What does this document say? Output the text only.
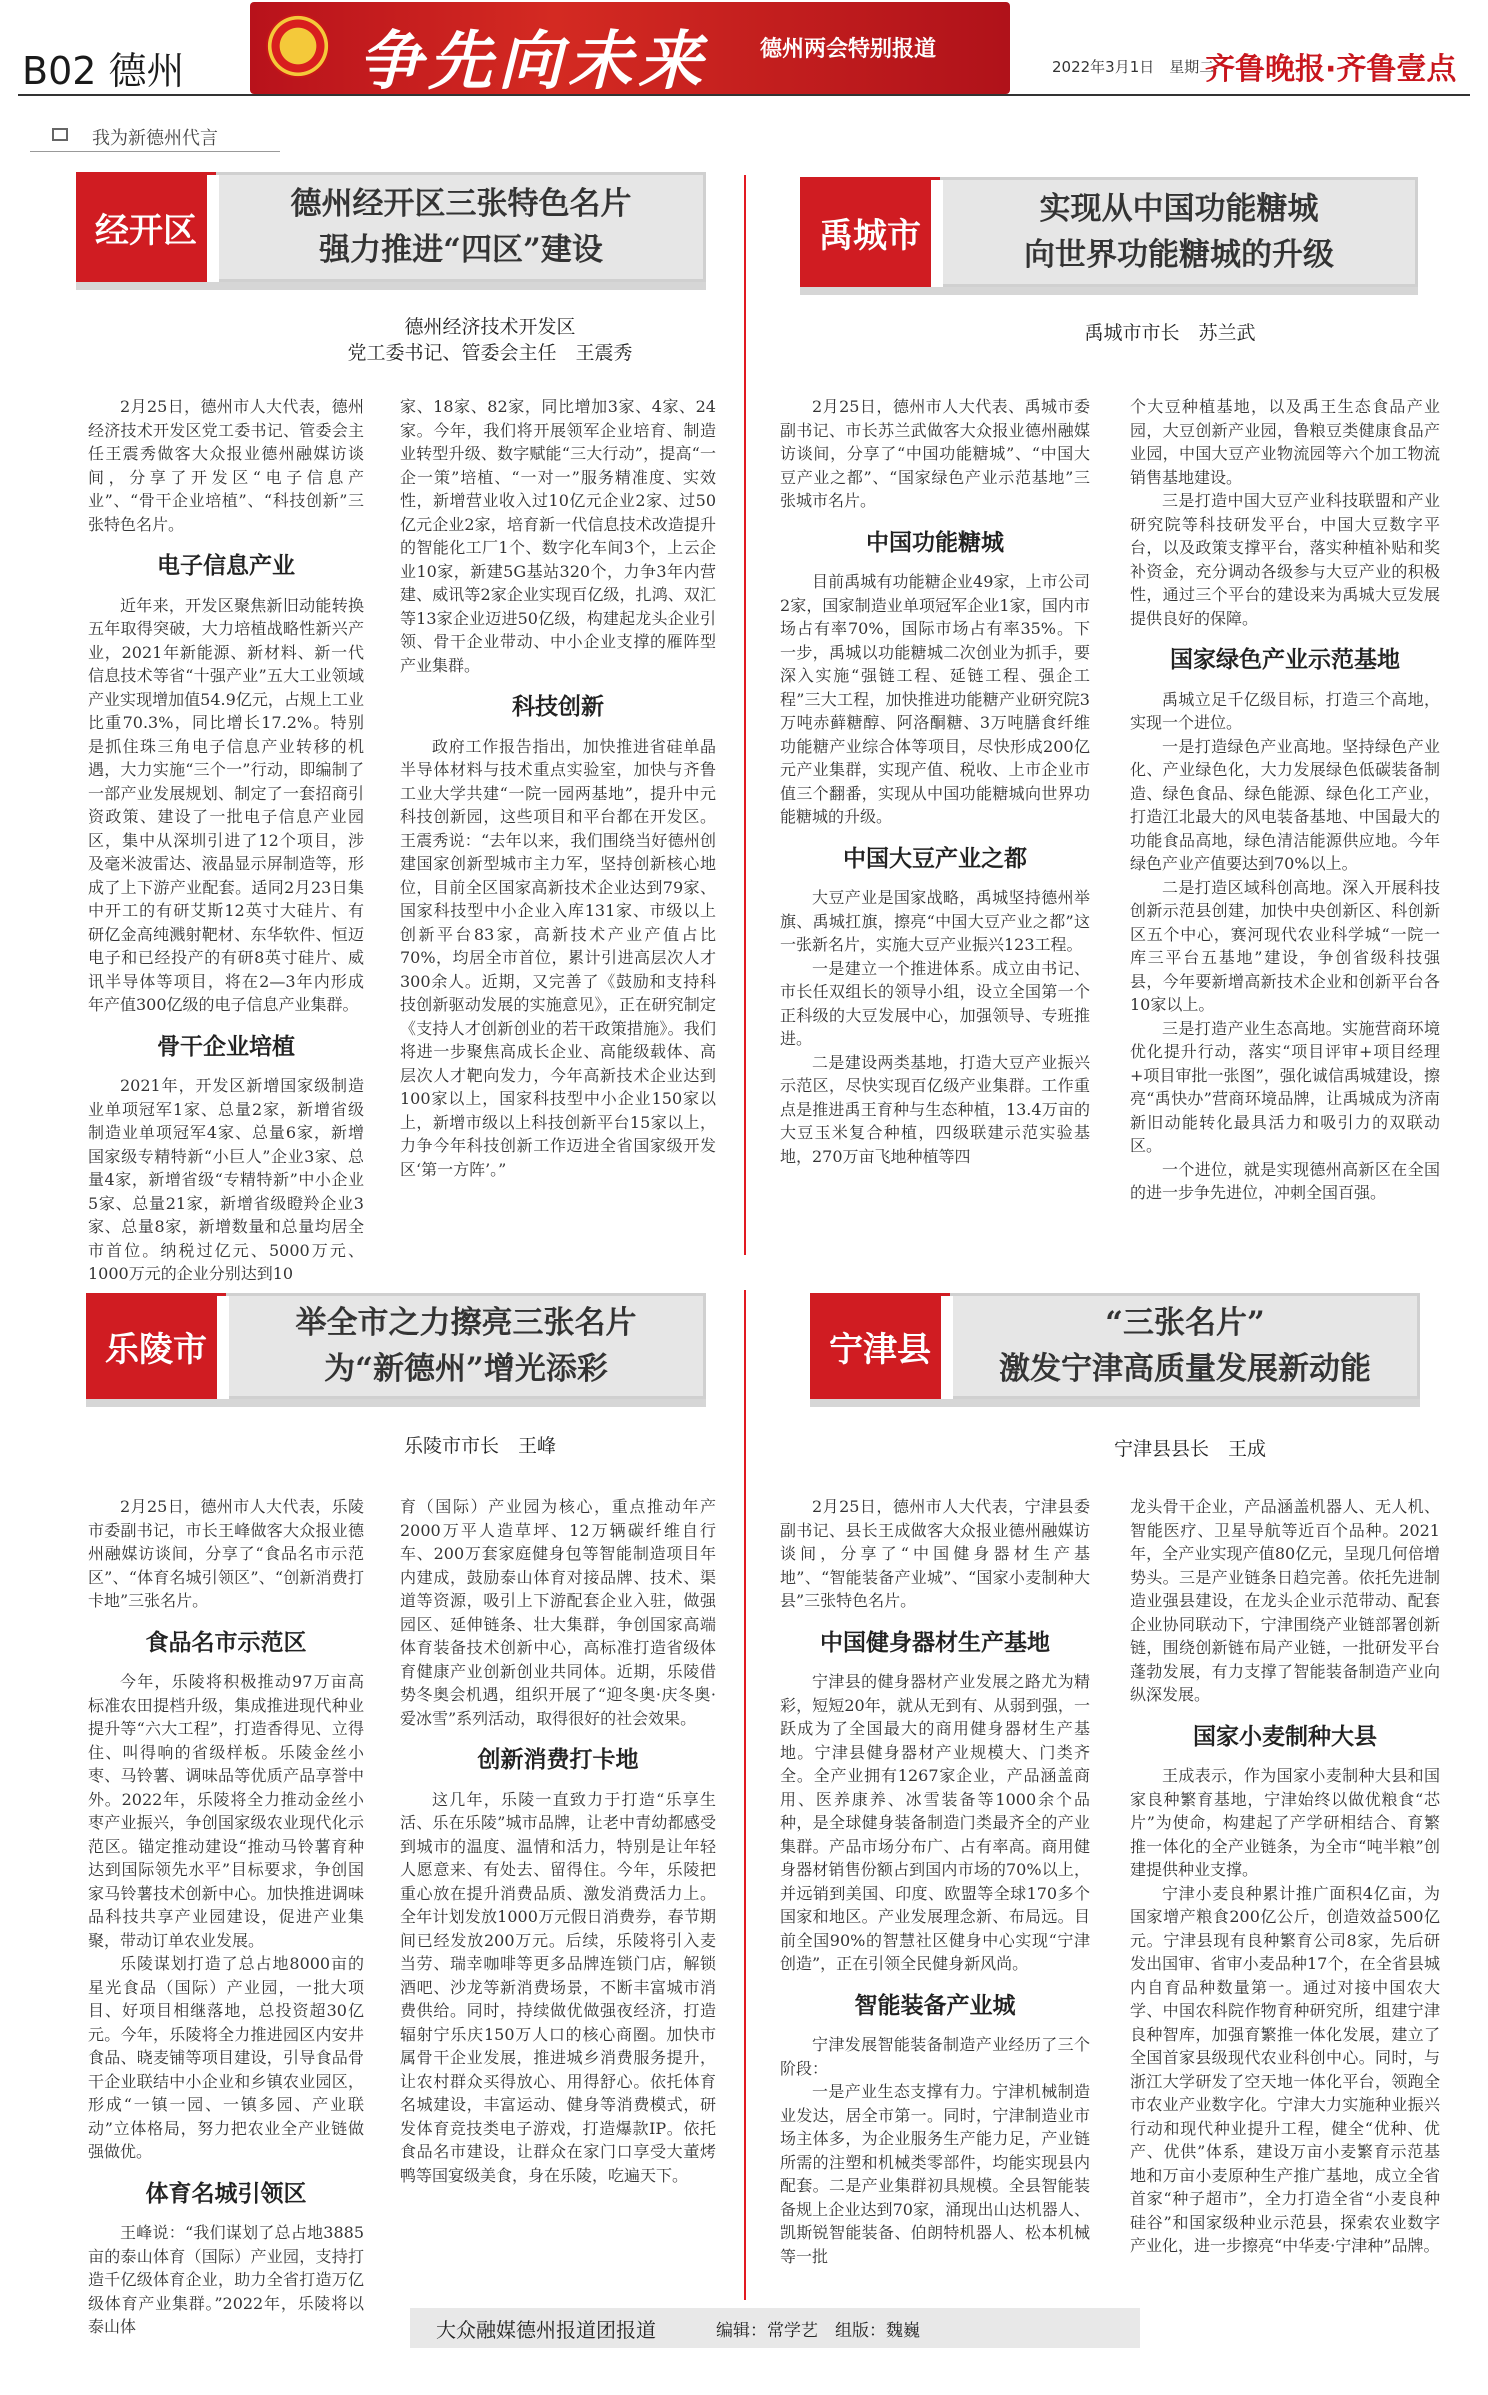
B02 德州	争先向未来 德州两会特别报道
2022年3月1日　星期二
齐鲁晚报·齐鲁壹点
我为新德州代言
经开区
德州经开区三张特色名片
强力推进“四区”建设
德州经济技术开发区
党工委书记、管委会主任　王震秀

2月25日，德州市人大代表，德州经济技术开发区党工委书记、管委会主任王震秀做客大众报业德州融媒访谈间，分享了开发区“电子信息产业”、“骨干企业培植”、“科技创新”三张特色名片。

电子信息产业

近年来，开发区聚焦新旧动能转换五年取得突破，大力培植战略性新兴产业，2021年新能源、新材料、新一代信息技术等省“十强产业”五大工业领域产业实现增加值54.9亿元，占规上工业比重70.3%，同比增长17.2%。特别是抓住珠三角电子信息产业转移的机遇，大力实施“三个一”行动，即编制了一部产业发展规划、制定了一套招商引资政策、建设了一批电子信息产业园区，集中从深圳引进了12个项目，涉及毫米波雷达、液晶显示屏制造等，形成了上下游产业配套。适同2月23日集中开工的有研艾斯12英寸大硅片、有研亿金高纯溅射靶材、东华软件、恒迈电子和已经投产的有研8英寸硅片、威讯半导体等项目，将在2—3年内形成年产值300亿级的电子信息产业集群。

骨干企业培植

2021年，开发区新增国家级制造业单项冠军1家、总量2家，新增省级制造业单项冠军4家、总量6家，新增国家级专精特新“小巨人”企业3家、总量4家，新增省级“专精特新”中小企业5家、总量21家，新增省级瞪羚企业3家、总量8家，新增数量和总量均居全市首位。纳税过亿元、5000万元、1000万元的企业分别达到10

家、18家、82家，同比增加3家、4家、24家。今年，我们将开展领军企业培育、制造业转型升级、数字赋能“三大行动”，提高“一企一策”培植、“一对一”服务精准度、实效性，新增营业收入过10亿元企业2家、过50亿元企业2家，培育新一代信息技术改造提升的智能化工厂1个、数字化车间3个，上云企业10家，新建5G基站320个，力争3年内营建、威讯等2家企业实现百亿级，扎鸿、双汇等13家企业迈进50亿级，构建起龙头企业引领、骨干企业带动、中小企业支撑的雁阵型产业集群。

科技创新

政府工作报告指出，加快推进省硅单晶半导体材料与技术重点实验室，加快与齐鲁工业大学共建“一院一园两基地”，提升中元科技创新园，这些项目和平台都在开发区。王震秀说：“去年以来，我们围绕当好德州创建国家创新型城市主力军，坚持创新核心地位，目前全区国家高新技术企业达到79家、国家科技型中小企业入库131家、市级以上创新平台83家，高新技术产业产值占比70%，均居全市首位，累计引进高层次人才300余人。近期，又完善了《鼓励和支持科技创新驱动发展的实施意见》，正在研究制定《支持人才创新创业的若干政策措施》。我们将进一步聚焦高成长企业、高能级载体、高层次人才靶向发力，今年高新技术企业达到100家以上，国家科技型中小企业150家以上，新增市级以上科技创新平台15家以上，力争今年科技创新工作迈进全省国家级开发区‘第一方阵’。”

禹城市
实现从中国功能糖城
向世界功能糖城的升级
禹城市市长　苏兰武

2月25日，德州市人大代表、禹城市委副书记、市长苏兰武做客大众报业德州融媒访谈间，分享了“中国功能糖城”、“中国大豆产业之都”、“国家绿色产业示范基地”三张城市名片。

中国功能糖城

目前禹城有功能糖企业49家，上市公司2家，国家制造业单项冠军企业1家，国内市场占有率70%，国际市场占有率35%。下一步，禹城以功能糖城二次创业为抓手，要深入实施“强链工程、延链工程、强企工程”三大工程，加快推进功能糖产业研究院3万吨赤藓糖醇、阿洛酮糖、3万吨膳食纤维功能糖产业综合体等项目，尽快形成200亿元产业集群，实现产值、税收、上市企业市值三个翻番，实现从中国功能糖城向世界功能糖城的升级。

中国大豆产业之都

大豆产业是国家战略，禹城坚持德州举旗、禹城扛旗，擦亮“中国大豆产业之都”这一张新名片，实施大豆产业振兴123工程。

一是建立一个推进体系。成立由书记、市长任双组长的领导小组，设立全国第一个正科级的大豆发展中心，加强领导、专班推进。

二是建设两类基地，打造大豆产业振兴示范区，尽快实现百亿级产业集群。工作重点是推进禹王育种与生态种植，13.4万亩的大豆玉米复合种植，四级联建示范实验基地，270万亩飞地种植等四

个大豆种植基地，以及禹王生态食品产业园，大豆创新产业园，鲁粮豆类健康食品产业园，中国大豆产业物流园等六个加工物流销售基地建设。

三是打造中国大豆产业科技联盟和产业研究院等科技研发平台，中国大豆数字平台，以及政策支撑平台，落实种植补贴和奖补资金，充分调动各级参与大豆产业的积极性，通过三个平台的建设来为禹城大豆发展提供良好的保障。

国家绿色产业示范基地

禹城立足千亿级目标，打造三个高地，实现一个进位。

一是打造绿色产业高地。坚持绿色产业化、产业绿色化，大力发展绿色低碳装备制造、绿色食品、绿色能源、绿色化工产业，打造江北最大的风电装备基地、中国最大的功能食品高地，绿色清洁能源供应地。今年绿色产业产值要达到70%以上。

二是打造区域科创高地。深入开展科技创新示范县创建，加快中央创新区、科创新区五个中心，赛河现代农业科学城“一院一库三平台五基地”建设，争创省级科技强县，今年要新增高新技术企业和创新平台各10家以上。

三是打造产业生态高地。实施营商环境优化提升行动，落实“项目评审+项目经理+项目审批一张图”，强化诚信禹城建设，擦亮“禹快办”营商环境品牌，让禹城成为济南新旧动能转化最具活力和吸引力的双联动区。

一个进位，就是实现德州高新区在全国的进一步争先进位，冲刺全国百强。

乐陵市
举全市之力擦亮三张名片
为“新德州”增光添彩
乐陵市市长　王峰

2月25日，德州市人大代表，乐陵市委副书记，市长王峰做客大众报业德州融媒访谈间，分享了“食品名市示范区”、“体育名城引领区”、“创新消费打卡地”三张名片。

食品名市示范区

今年，乐陵将积极推动97万亩高标准农田提档升级，集成推进现代种业提升等“六大工程”，打造香得见、立得住、叫得响的省级样板。乐陵金丝小枣、马铃薯、调味品等优质产品享誉中外。2022年，乐陵将全力推动金丝小枣产业振兴，争创国家级农业现代化示范区。锚定推动建设“推动马铃薯育种达到国际领先水平”目标要求，争创国家马铃薯技术创新中心。加快推进调味品科技共享产业园建设，促进产业集聚，带动订单农业发展。

乐陵谋划打造了总占地8000亩的星光食品（国际）产业园，一批大项目、好项目相继落地，总投资超30亿元。今年，乐陵将全力推进园区内安井食品、晓麦铺等项目建设，引导食品骨干企业联结中小企业和乡镇农业园区，形成“一镇一园、一镇多园、产业联动”立体格局，努力把农业全产业链做强做优。

体育名城引领区

王峰说：“我们谋划了总占地3885亩的泰山体育（国际）产业园，支持打造千亿级体育企业，助力全省打造万亿级体育产业集群。”2022年，乐陵将以泰山体

育（国际）产业园为核心，重点推动年产2000万平人造草坪、12万辆碳纤维自行车、200万套家庭健身包等智能制造项目年内建成，鼓励泰山体育对接品牌、技术、渠道等资源，吸引上下游配套企业入驻，做强园区、延伸链条、壮大集群，争创国家高端体育装备技术创新中心，高标准打造省级体育健康产业创新创业共同体。近期，乐陵借势冬奥会机遇，组织开展了“迎冬奥·庆冬奥·爱冰雪”系列活动，取得很好的社会效果。

创新消费打卡地

这几年，乐陵一直致力于打造“乐享生活、乐在乐陵”城市品牌，让老中青幼都感受到城市的温度、温情和活力，特别是让年轻人愿意来、有处去、留得住。今年，乐陵把重心放在提升消费品质、激发消费活力上。全年计划发放1000万元假日消费券，春节期间已经发放200万元。后续，乐陵将引入麦当劳、瑞幸咖啡等更多品牌连锁门店，解锁酒吧、沙龙等新消费场景，不断丰富城市消费供给。同时，持续做优做强夜经济，打造辐射宁乐庆150万人口的核心商圈。加快市属骨干企业发展，推进城乡消费服务提升，让农村群众买得放心、用得舒心。依托体育名城建设，丰富运动、健身等消费模式，研发体育竞技类电子游戏，打造爆款IP。依托食品名市建设，让群众在家门口享受大董烤鸭等国宴级美食，身在乐陵，吃遍天下。

宁津县
“三张名片”
激发宁津高质量发展新动能
宁津县县长　王成

2月25日，德州市人大代表，宁津县委副书记、县长王成做客大众报业德州融媒访谈间，分享了“中国健身器材生产基地”、“智能装备产业城”、“国家小麦制种大县”三张特色名片。

中国健身器材生产基地

宁津县的健身器材产业发展之路尤为精彩，短短20年，就从无到有、从弱到强，一跃成为了全国最大的商用健身器材生产基地。宁津县健身器材产业规模大、门类齐全。全产业拥有1267家企业，产品涵盖商用、医养康养、冰雪装备等1000余个品种，是全球健身装备制造门类最齐全的产业集群。产品市场分布广、占有率高。商用健身器材销售份额占到国内市场的70%以上，并远销到美国、印度、欧盟等全球170多个国家和地区。产业发展理念新、布局远。目前全国90%的智慧社区健身中心实现“宁津创造”，正在引领全民健身新风尚。

智能装备产业城

宁津发展智能装备制造产业经历了三个阶段：

一是产业生态支撑有力。宁津机械制造业发达，居全市第一。同时，宁津制造业市场主体多，为企业服务生产能力足，产业链所需的注塑和机械类零部件，均能实现县内配套。二是产业集群初具规模。全县智能装备规上企业达到70家，涌现出山达机器人、凯斯锐智能装备、伯朗特机器人、松本机械等一批

龙头骨干企业，产品涵盖机器人、无人机、智能医疗、卫星导航等近百个品种。2021年，全产业实现产值80亿元，呈现几何倍增势头。三是产业链条日趋完善。依托先进制造业强县建设，在龙头企业示范带动、配套企业协同联动下，宁津围绕产业链部署创新链，围绕创新链布局产业链，一批研发平台蓬勃发展，有力支撑了智能装备制造产业向纵深发展。

国家小麦制种大县

王成表示，作为国家小麦制种大县和国家良种繁育基地，宁津始终以做优粮食“芯片”为使命，构建起了产学研相结合、育繁推一体化的全产业链条，为全市“吨半粮”创建提供种业支撑。

宁津小麦良种累计推广面积4亿亩，为国家增产粮食200亿公斤，创造效益500亿元。宁津县现有良种繁育公司8家，先后研发出国审、省审小麦品种17个，在全省县城内自育品种数量第一。通过对接中国农大学、中国农科院作物育种研究所，组建宁津良种智库，加强育繁推一体化发展，建立了全国首家县级现代农业科创中心。同时，与浙江大学研发了空天地一体化平台，领跑全市农业产业数字化。宁津大力实施种业振兴行动和现代种业提升工程，健全“优种、优产、优供”体系，建设万亩小麦繁育示范基地和万亩小麦原种生产推广基地，成立全省首家“种子超市”，全力打造全省“小麦良种硅谷”和国家级种业示范县，探索农业数字产业化，进一步擦亮“中华麦·宁津种”品牌。

大众融媒德州报道团报道	编辑：常学艺　组版：魏巍
